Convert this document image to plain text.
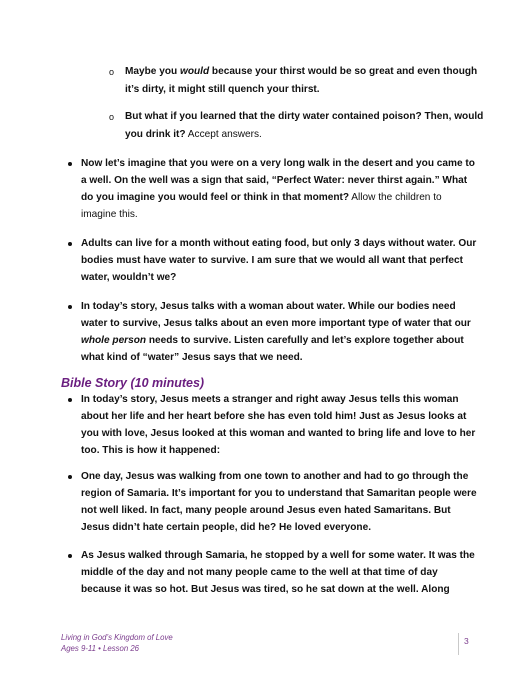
o Maybe you would because your thirst would be so great and even though
it’s dirty, it might still quench your thirst.
o But what if you learned that the dirty water contained poison? Then, would
you drink it? Accept answers.
Now let’s imagine that you were on a very long walk in the desert and you came to
a well. On the well was a sign that said, “Perfect Water: never thirst again.” What
do you imagine you would feel or think in that moment? Allow the children to
imagine this.
Adults can live for a month without eating food, but only 3 days without water. Our
bodies must have water to survive. I am sure that we would all want that perfect
water, wouldn’t we?
In today’s story, Jesus talks with a woman about water. While our bodies need
water to survive, Jesus talks about an even more important type of water that our
whole person needs to survive. Listen carefully and let’s explore together about
what kind of “water” Jesus says that we need.
In today’s story, Jesus meets a stranger and right away Jesus tells this woman
about her life and her heart before she has even told him! Just as Jesus looks at
you with love, Jesus looked at this woman and wanted to bring life and love to her
too. This is how it happened:
One day, Jesus was walking from one town to another and had to go through the
region of Samaria. It’s important for you to understand that Samaritan people were
not well liked. In fact, many people around Jesus even hated Samaritans. But
Jesus didn’t hate certain people, did he? He loved everyone.
As Jesus walked through Samaria, he stopped by a well for some water. It was the
middle of the day and not many people came to the well at that time of day
because it was so hot. But Jesus was tired, so he sat down at the well. Along
Bible Story (10 minutes)
Living in God’s Kingdom of Love
Ages 9-11 • Lesson 26
3
